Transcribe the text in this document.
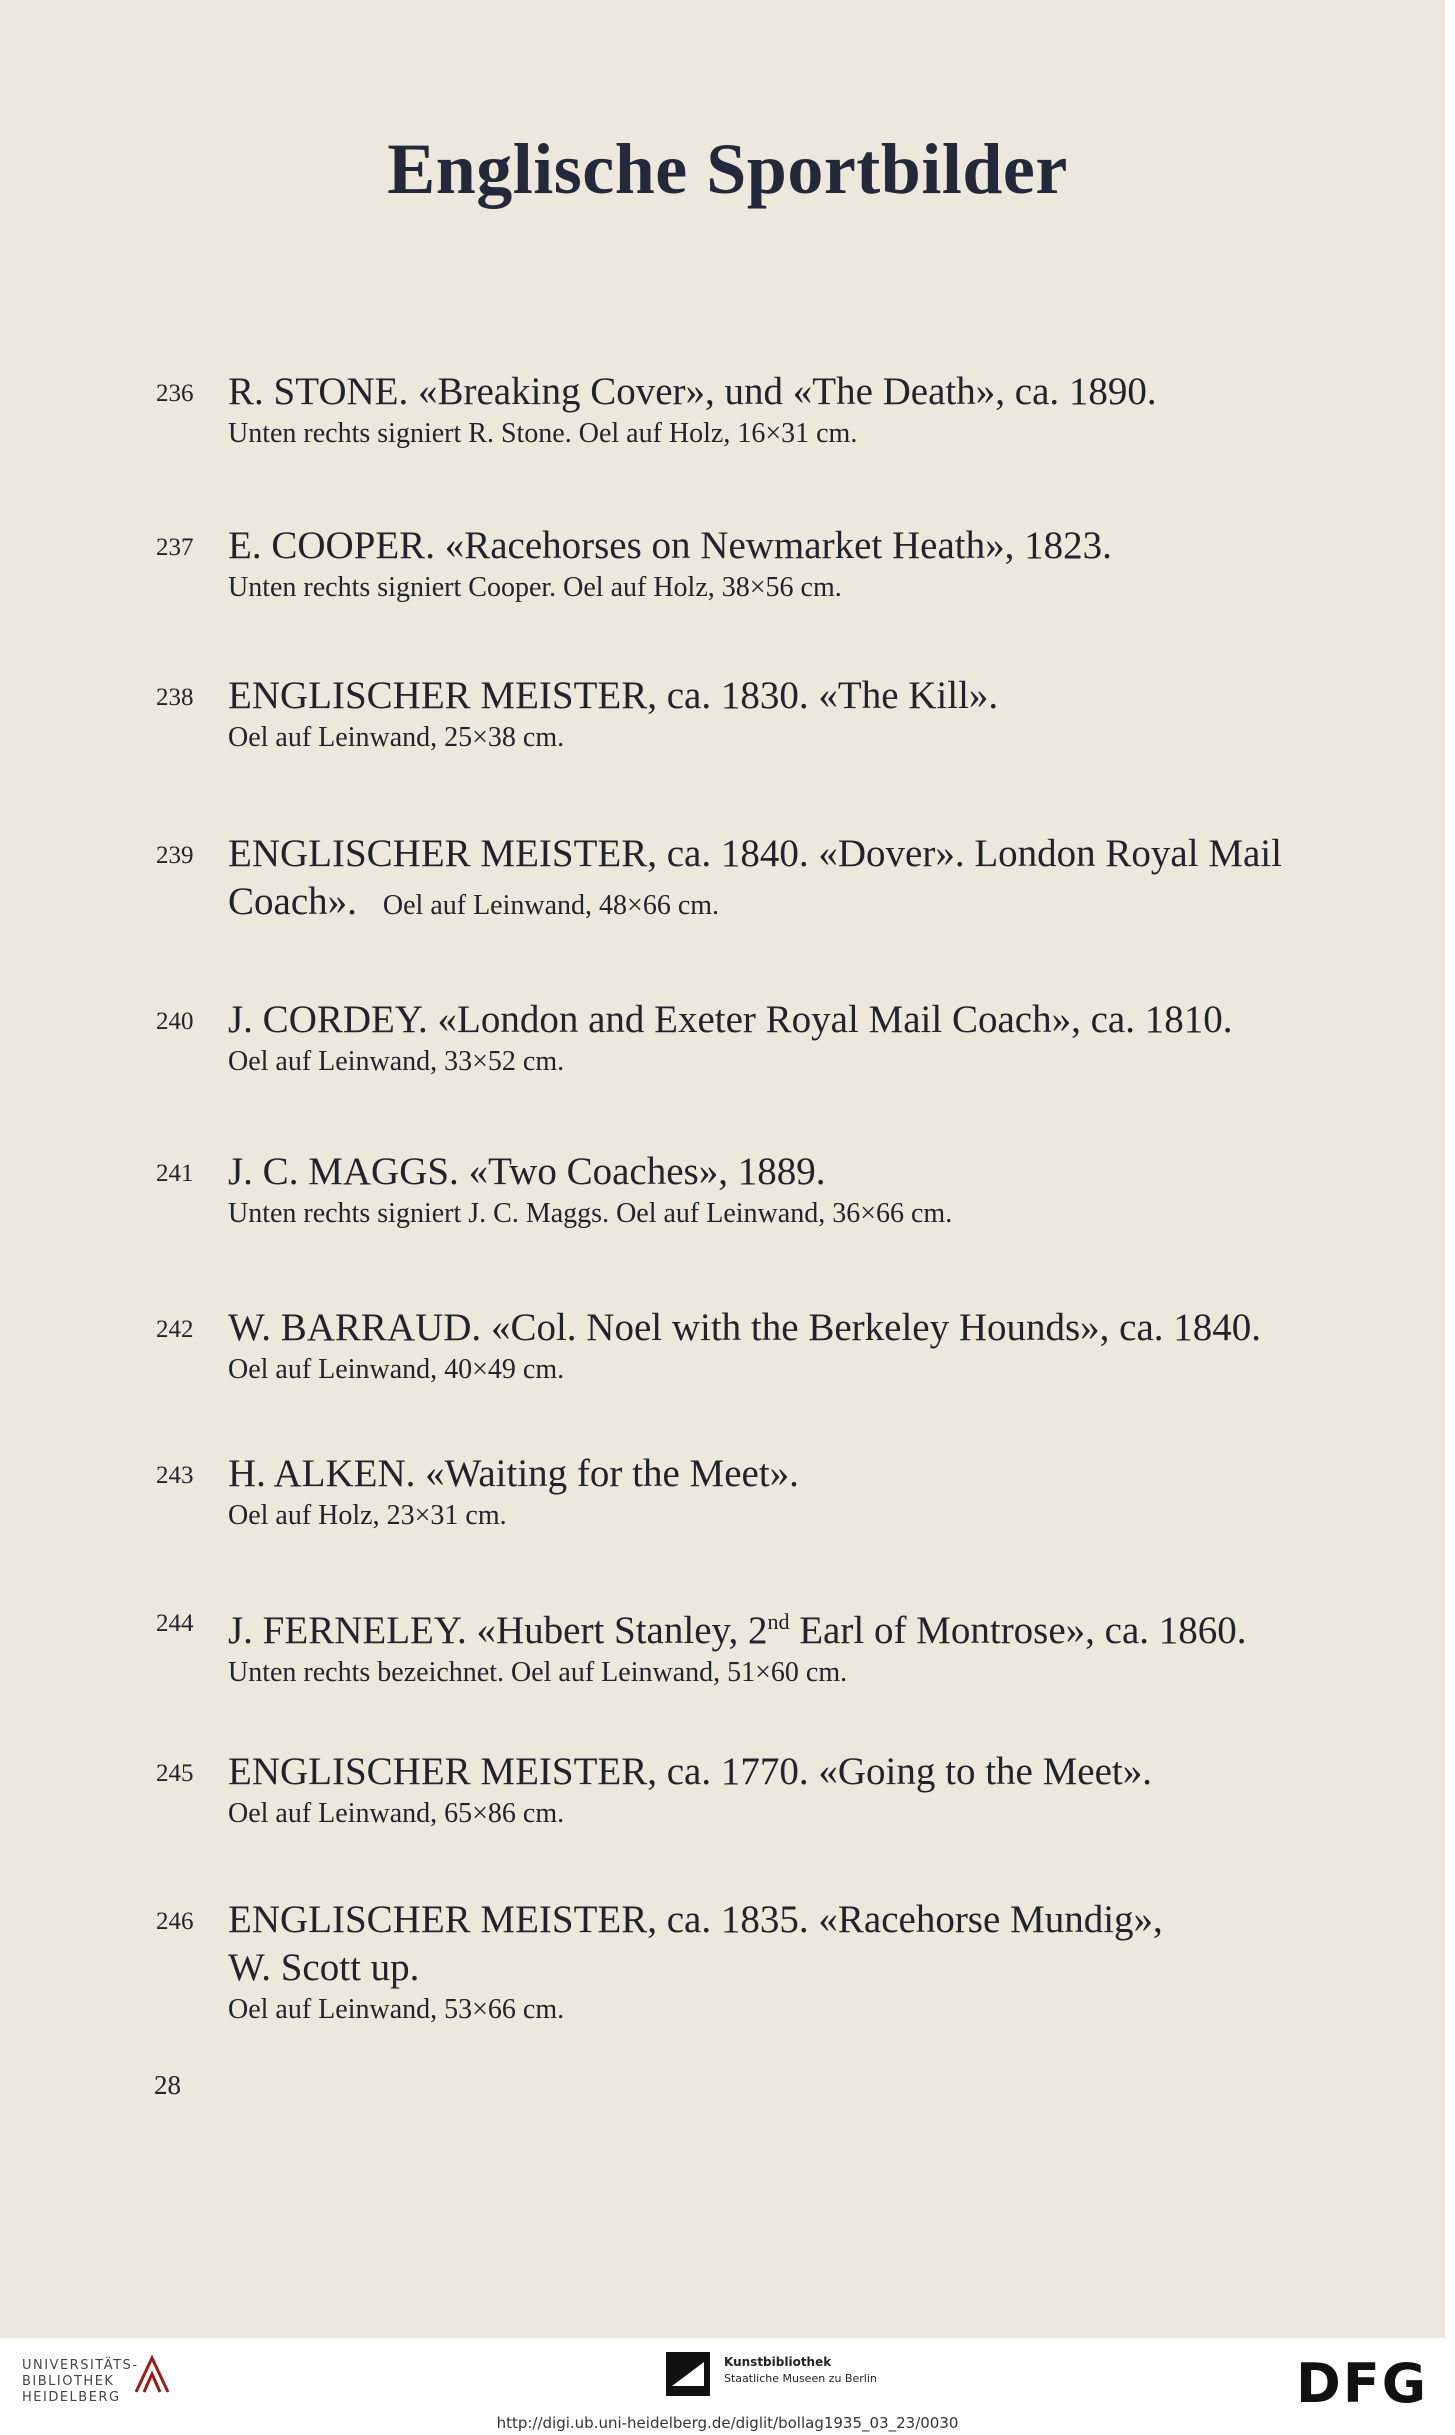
Englische Sportbilder
236 R. STONE. «Breaking Cover», und «The Death», ca. 1890.
Unten rechts signiert R. Stone. Oel auf Holz, 16×31 cm.
237 E. COOPER. «Racehorses on Newmarket Heath», 1823.
Unten rechts signiert Cooper. Oel auf Holz, 38×56 cm.
238 ENGLISCHER MEISTER, ca. 1830. «The Kill».
Oel auf Leinwand, 25×38 cm.
239 ENGLISCHER MEISTER, ca. 1840. «Dover». London Royal Mail
Coach». Oel auf Leinwand, 48×66 cm.
240 J. CORDEY. «London and Exeter Royal Mail Coach», ca. 1810.
Oel auf Leinwand, 33×52 cm.
241 J. C. MAGGS. «Two Coaches», 1889.
Unten rechts signiert J. C. Maggs. Oel auf Leinwand, 36×66 cm.
242 W. BARRAUD. «Col. Noel with the Berkeley Hounds», ca. 1840.
Oel auf Leinwand, 40×49 cm.
243 H. ALKEN. «Waiting for the Meet».
Oel auf Holz, 23×31 cm.
244 J. FERNELEY. «Hubert Stanley, 2nd Earl of Montrose», ca. 1860.
Unten rechts bezeichnet. Oel auf Leinwand, 51×60 cm.
245 ENGLISCHER MEISTER, ca. 1770. «Going to the Meet».
Oel auf Leinwand, 65×86 cm.
246 ENGLISCHER MEISTER, ca. 1835. «Racehorse Mundig»,
W. Scott up.
Oel auf Leinwand, 53×66 cm.
28
UNIVERSITÄTS-
BIBLIOTHEK
HEIDELBERG
Kunstbibliothek
Staatliche Museen zu Berlin	DFG
http://digi.ub.uni-heidelberg.de/diglit/bollag1935_03_23/0030
